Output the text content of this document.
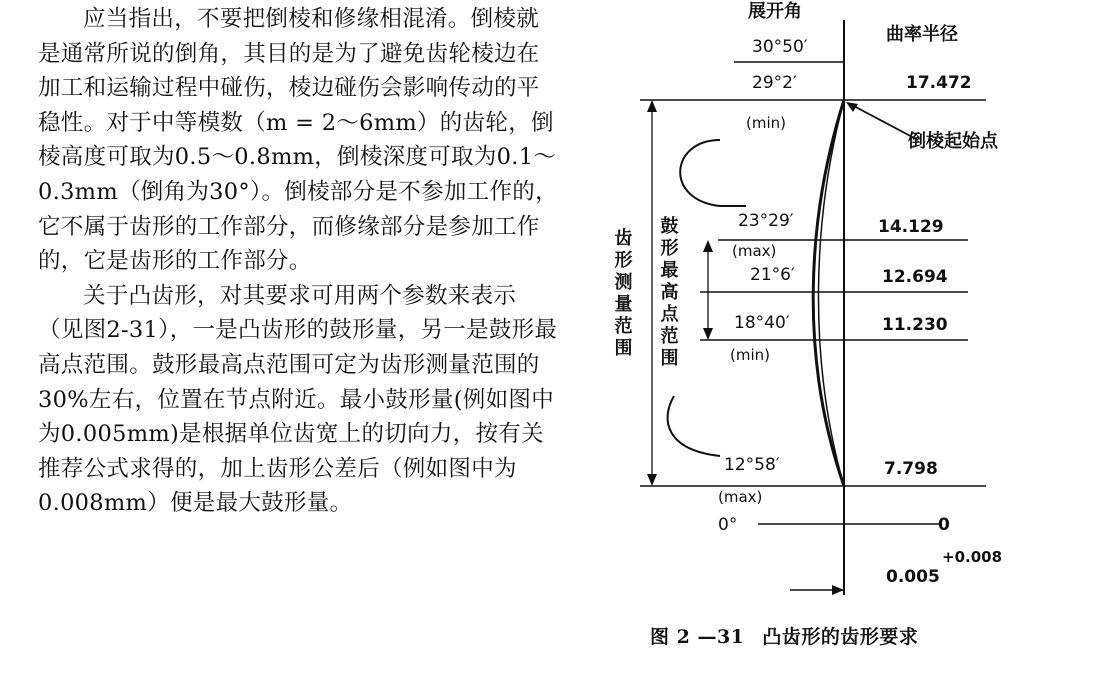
应当指出，不要把倒棱和修缘相混淆。倒棱就是通常所说的倒角，其目的是为了避免齿轮棱边在加工和运输过程中碰伤，棱边碰伤会影响传动的平稳性。对于中等模数（m = 2～6mm）的齿轮，倒棱高度可取为0.5～0.8mm，倒棱深度可取为0.1～0.3mm（倒角为30°）。倒棱部分是不参加工作的，它不属于齿形的工作部分，而修缘部分是参加工作的，它是齿形的工作部分。

关于凸齿形，对其要求可用两个参数来表示（见图2-31），一是凸齿形的鼓形量，另一是鼓形最高点范围。鼓形最高点范围可定为齿形测量范围的30%左右，位置在节点附近。最小鼓形量(例如图中为0.005mm)是根据单位齿宽上的切向力，按有关推荐公式求得的，加上齿形公差后（例如图中为0.008mm）便是最大鼓形量。

展开角
曲率半径
30°50′
29°2′
23°29′
21°6′
18°40′
12°58′
0°
17.472
14.129
12.694
11.230
7.798
0
(min)
(max)
(min)
(max)
倒棱起始点
齿形测量范围 鼓形最高点范围
0.005
+0.008
图 2 —31 凸齿形的齿形要求
